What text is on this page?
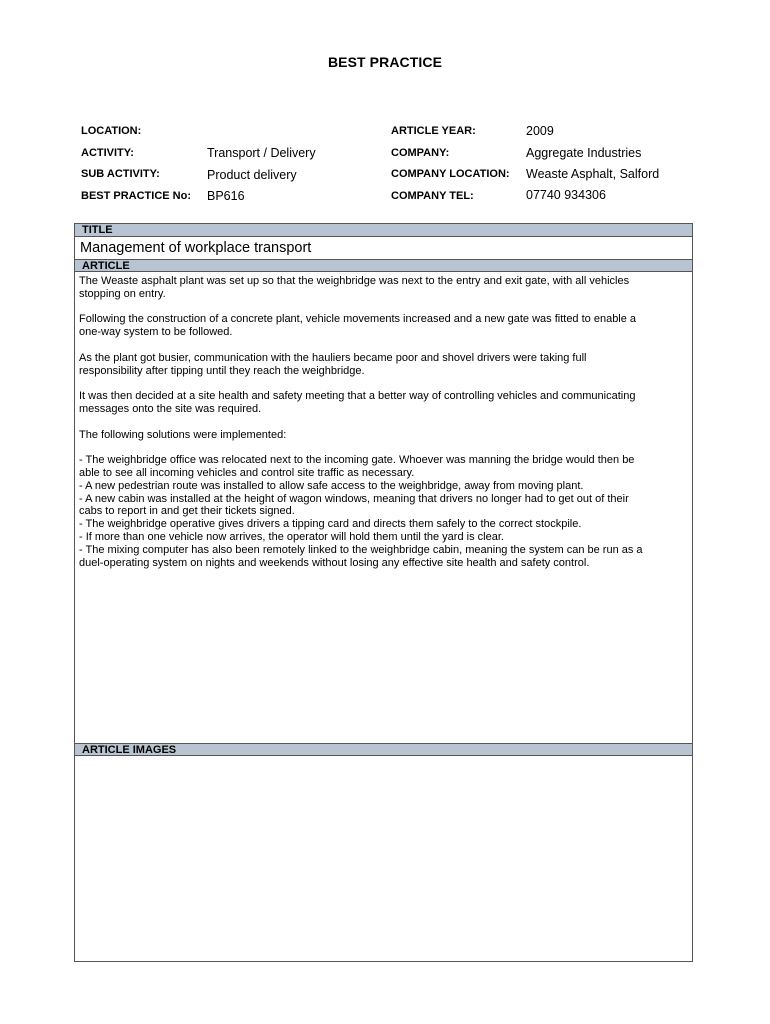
BEST PRACTICE
LOCATION:
ACTIVITY:	Transport / Delivery
SUB ACTIVITY:	Product delivery
BEST PRACTICE No: BP616
ARTICLE YEAR:	2009
COMPANY:	Aggregate Industries
COMPANY LOCATION: Weaste Asphalt, Salford
COMPANY TEL:	07740 934306
TITLE
Management of workplace transport
ARTICLE

The Weaste asphalt plant was set up so that the weighbridge was next to the entry and exit gate, with all vehicles
stopping on entry.

Following the construction of a concrete plant, vehicle movements increased and a new gate was fitted to enable a
one-way system to be followed.

As the plant got busier, communication with the hauliers became poor and shovel drivers were taking full
responsibility after tipping until they reach the weighbridge.

It was then decided at a site health and safety meeting that a better way of controlling vehicles and communicating
messages onto the site was required.

The following solutions were implemented:

- The weighbridge office was relocated next to the incoming gate. Whoever was manning the bridge would then be
able to see all incoming vehicles and control site traffic as necessary.
- A new pedestrian route was installed to allow safe access to the weighbridge, away from moving plant.
- A new cabin was installed at the height of wagon windows, meaning that drivers no longer had to get out of their
cabs to report in and get their tickets signed.
- The weighbridge operative gives drivers a tipping card and directs them safely to the correct stockpile.
- If more than one vehicle now arrives, the operator will hold them until the yard is clear.
- The mixing computer has also been remotely linked to the weighbridge cabin, meaning the system can be run as a
duel-operating system on nights and weekends without losing any effective site health and safety control.

ARTICLE IMAGES
